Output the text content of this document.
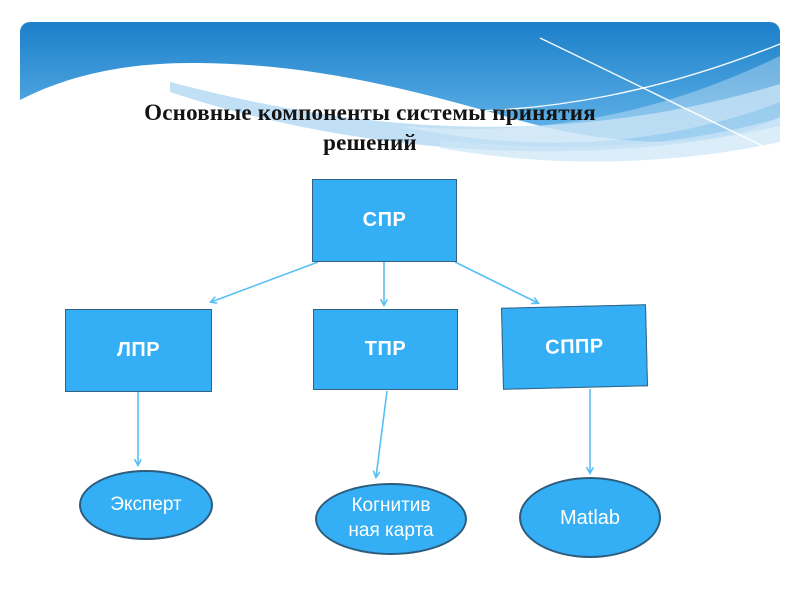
Основные компоненты системы принятия
решений
СПР
ЛПР	ТПР	СППР
Эксперт	Когнитив
ная карта
Matlab
